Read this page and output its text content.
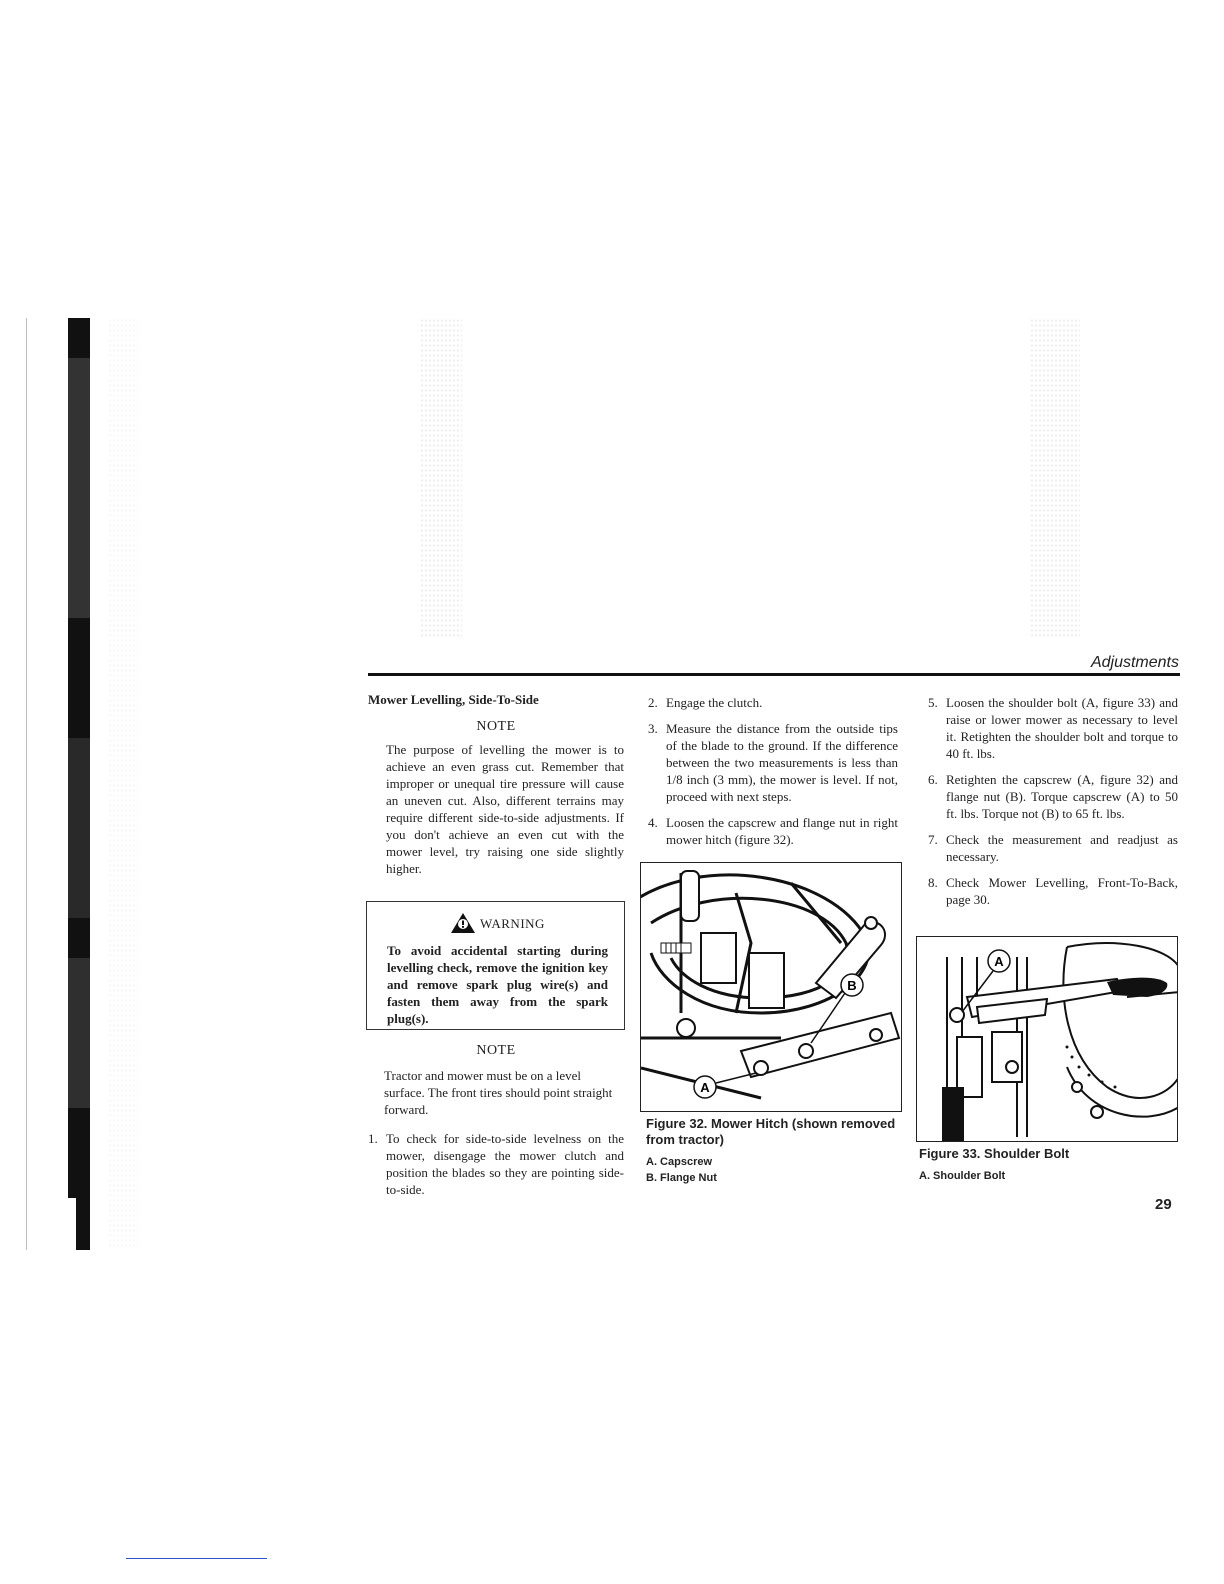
Adjustments
Mower Levelling, Side-To-Side
NOTE

The purpose of levelling the mower is to achieve an even grass cut. Remember that improper or unequal tire pressure will cause an uneven cut. Also, different terrains may require different side-to-side adjustments. If you don't achieve an even cut with the mower level, try raising one side slightly higher.

WARNING

To avoid accidental starting during levelling check, remove the ignition key and remove spark plug wire(s) and fasten them away from the spark plug(s).

NOTE

Tractor and mower must be on a level surface. The front tires should point straight forward.

1. To check for side-to-side levelness on the mower, disengage the mower clutch and position the blades so they are pointing side-to-side.
2. Engage the clutch.
3. Measure the distance from the outside tips of the blade to the ground. If the difference between the two measurements is less than 1/8 inch (3 mm), the mower is level. If not, proceed with next steps.
4. Loosen the capscrew and flange nut in right mower hitch (figure 32).
B
A
Figure 32. Mower Hitch (shown removed from tractor)
A. Capscrew
B. Flange Nut
5. Loosen the shoulder bolt (A, figure 33) and raise or lower mower as necessary to level it. Retighten the shoulder bolt and torque to 40 ft. lbs.
6. Retighten the capscrew (A, figure 32) and flange nut (B). Torque capscrew (A) to 50 ft. lbs. Torque not (B) to 65 ft. lbs.
7. Check the measurement and readjust as necessary.
8. Check Mower Levelling, Front-To-Back, page 30.
A
Figure 33. Shoulder Bolt
A. Shoulder Bolt
29
